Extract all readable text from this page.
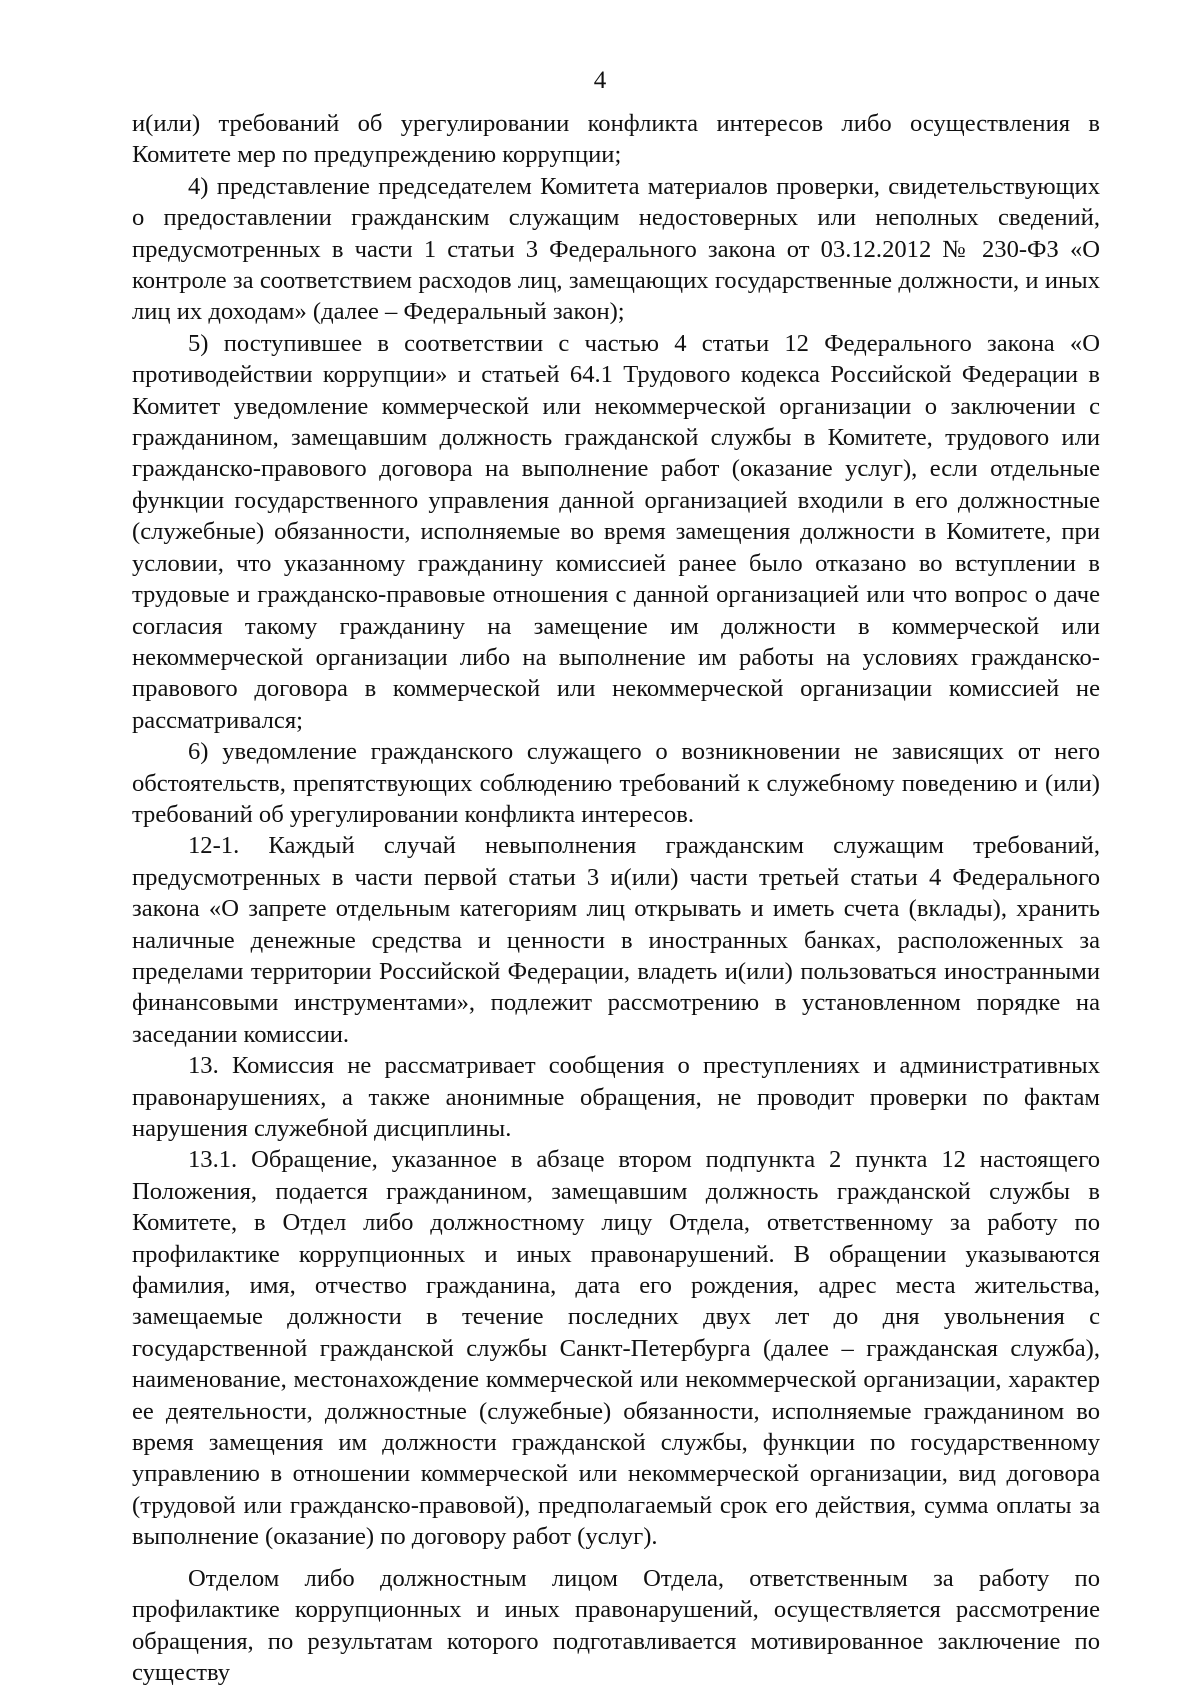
4

и(или) требований об урегулировании конфликта интересов либо осуществления в Комитете мер по предупреждению коррупции;

4) представление председателем Комитета материалов проверки, свидетельствующих о предоставлении гражданским служащим недостоверных или неполных сведений, предусмотренных в части 1 статьи 3 Федерального закона от 03.12.2012 № 230-ФЗ «О контроле за соответствием расходов лиц, замещающих государственные должности, и иных лиц их доходам» (далее – Федеральный закон);

5) поступившее в соответствии с частью 4 статьи 12 Федерального закона «О противодействии коррупции» и статьей 64.1 Трудового кодекса Российской Федерации в Комитет уведомление коммерческой или некоммерческой организации о заключении с гражданином, замещавшим должность гражданской службы в Комитете, трудового или гражданско-правового договора на выполнение работ (оказание услуг), если отдельные функции государственного управления данной организацией входили в его должностные (служебные) обязанности, исполняемые во время замещения должности в Комитете, при условии, что указанному гражданину комиссией ранее было отказано во вступлении в трудовые и гражданско-правовые отношения с данной организацией или что вопрос о даче согласия такому гражданину на замещение им должности в коммерческой или некоммерческой организации либо на выполнение им работы на условиях гражданско-правового договора в коммерческой или некоммерческой организации комиссией не рассматривался;

6) уведомление гражданского служащего о возникновении не зависящих от него обстоятельств, препятствующих соблюдению требований к служебному поведению и (или) требований об урегулировании конфликта интересов.

12-1. Каждый случай невыполнения гражданским служащим требований, предусмотренных в части первой статьи 3 и(или) части третьей статьи 4 Федерального закона «О запрете отдельным категориям лиц открывать и иметь счета (вклады), хранить наличные денежные средства и ценности в иностранных банках, расположенных за пределами территории Российской Федерации, владеть и(или) пользоваться иностранными финансовыми инструментами», подлежит рассмотрению в установленном порядке на заседании комиссии.

13. Комиссия не рассматривает сообщения о преступлениях и административных правонарушениях, а также анонимные обращения, не проводит проверки по фактам нарушения служебной дисциплины.

13.1. Обращение, указанное в абзаце втором подпункта 2 пункта 12 настоящего Положения, подается гражданином, замещавшим должность гражданской службы в Комитете, в Отдел либо должностному лицу Отдела, ответственному за работу по профилактике коррупционных и иных правонарушений. В обращении указываются фамилия, имя, отчество гражданина, дата его рождения, адрес места жительства, замещаемые должности в течение последних двух лет до дня увольнения с государственной гражданской службы Санкт-Петербурга (далее – гражданская служба), наименование, местонахождение коммерческой или некоммерческой организации, характер ее деятельности, должностные (служебные) обязанности, исполняемые гражданином во время замещения им должности гражданской службы, функции по государственному управлению в отношении коммерческой или некоммерческой организации, вид договора (трудовой или гражданско-правовой), предполагаемый срок его действия, сумма оплаты за выполнение (оказание) по договору работ (услуг).

Отделом либо должностным лицом Отдела, ответственным за работу по профилактике коррупционных и иных правонарушений, осуществляется рассмотрение обращения, по результатам которого подготавливается мотивированное заключение по существу
